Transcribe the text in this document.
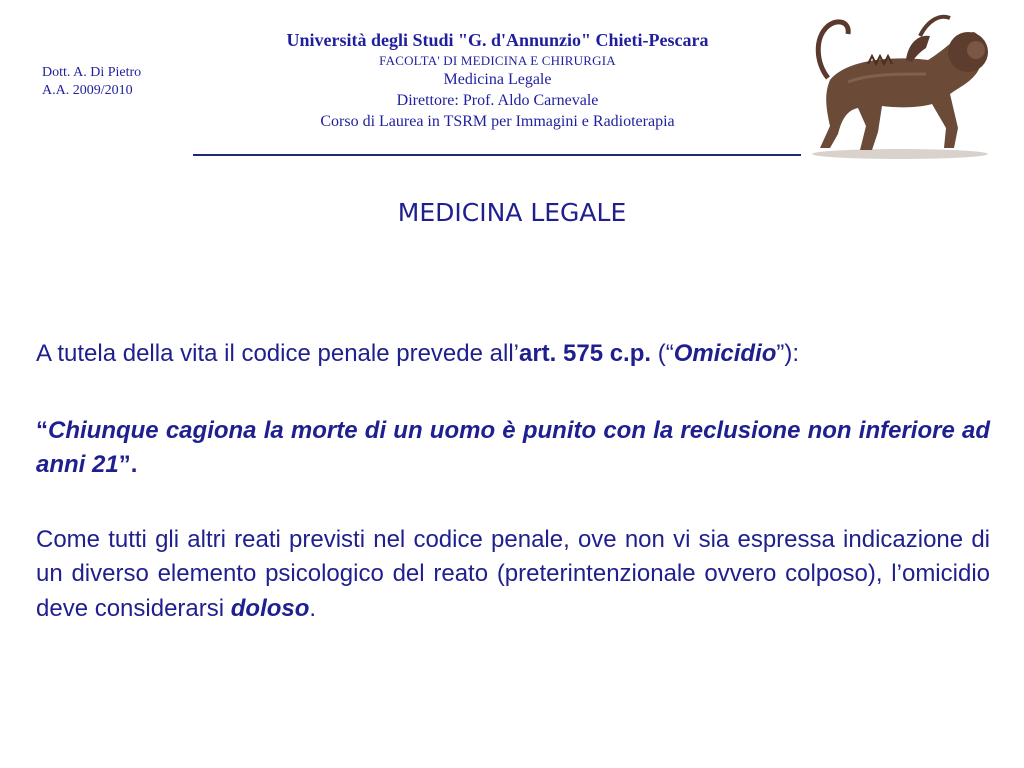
Dott. A. Di Pietro
A.A. 2009/2010
Università degli Studi "G. d'Annunzio" Chieti-Pescara
FACOLTA' DI MEDICINA E CHIRURGIA
Medicina Legale
Direttore: Prof. Aldo Carnevale
Corso di Laurea in TSRM per Immagini e Radioterapia
MEDICINA LEGALE

A tutela della vita il codice penale prevede all’art. 575 c.p. (“Omicidio”):

“Chiunque cagiona la morte di un uomo è punito con la reclusione non inferiore ad anni 21”.

Come tutti gli altri reati previsti nel codice penale, ove non vi sia espressa indicazione di un diverso elemento psicologico del reato (preterintenzionale ovvero colposo), l’omicidio deve considerarsi doloso.
